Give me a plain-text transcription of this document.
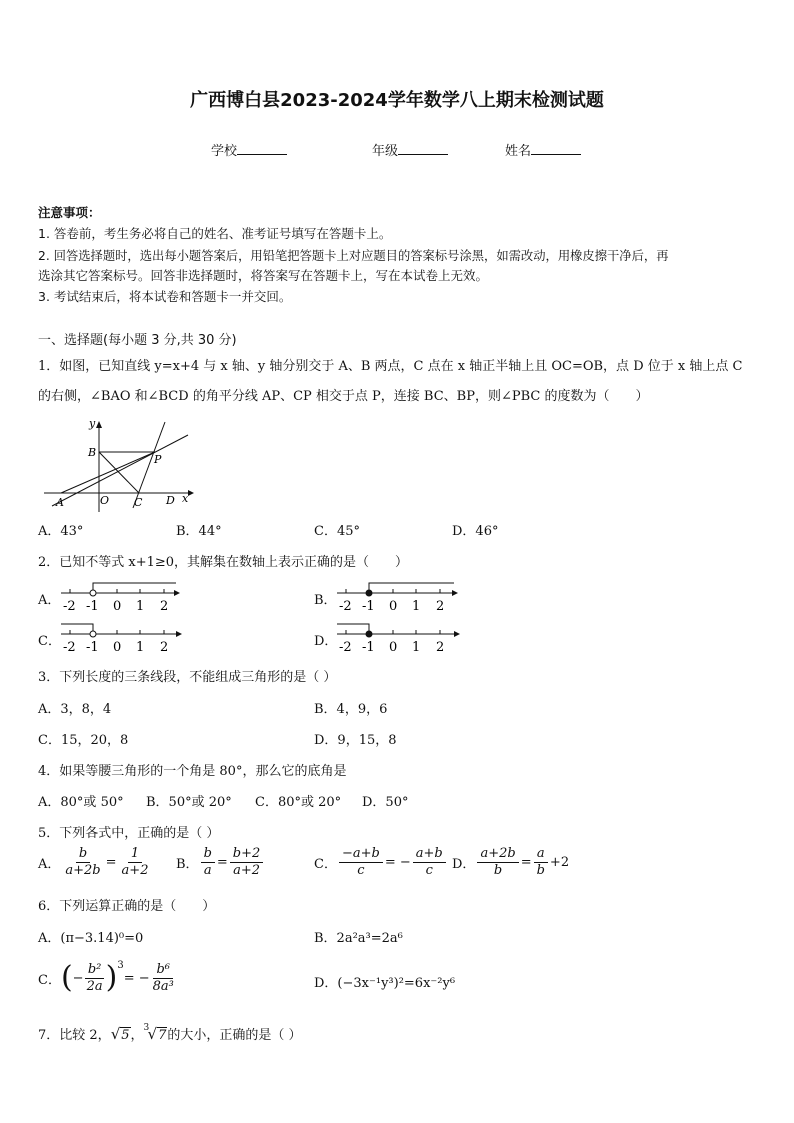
广西博白县2023-2024学年数学八上期末检测试题
学校	年级	姓名
注意事项：
1. 答卷前，考生务必将自己的姓名、准考证号填写在答题卡上。
2. 回答选择题时，选出每小题答案后，用铅笔把答题卡上对应题目的答案标号涂黑，如需改动，用橡皮擦干净后，再
选涂其它答案标号。回答非选择题时，将答案写在答题卡上，写在本试卷上无效。
3. 考试结束后，将本试卷和答题卡一并交回。
一、选择题(每小题 3 分,共 30 分)
1．如图，已知直线 y=x+4 与 x 轴、y 轴分别交于 A、B 两点，C 点在 x 轴正半轴上且 OC=OB，点 D 位于 x 轴上点 C
的右侧，∠BAO 和∠BCD 的角平分线 AP、CP 相交于点 P，连接 BC、BP，则∠PBC 的度数为（　　）
y
B
P
A	O C D x
A．43°	B．44°	C．45°	D．46°
2．已知不等式 x+1≥0，其解集在数轴上表示正确的是（　　）
A． -2 -1 0 1 2	B． -2 -1 0 1 2
C． -2 -1 0 1 2	D． -2 -1 0 1 2
3．下列长度的三条线段，不能组成三角形的是（ ）
A．3，8，4	B．4，9，6
C．15，20，8	D．9，15，8
4．如果等腰三角形的一个角是 80°，那么它的底角是
A．80°或 50° B．50°或 20° C．80°或 20° D．50°
5．下列各式中，正确的是（ ）
A． $\frac{b}{a+2b} = \frac{1}{a+2}$ B． $\frac{b}{a} = \frac{b+2}{a+2}$	C． $\frac{-a+b}{c}$ = − $\frac{a+b}{c}$ D． $\frac{a+2b}{b} = \frac{a}{b} +2$
6．下列运算正确的是（　　）
A．(π−3.14)⁰=0	B．2a²a³=2a⁶
C． ( − $\frac{\text{b²}}{2a}$ ) 3
= − $\frac{\text{b⁶}}{\text{8a³}}$	D．(−3x⁻¹y³)²=6x⁻²y⁶
7．比较 2， √ 5 ， 3
√ 7 的大小，正确的是（ ）
